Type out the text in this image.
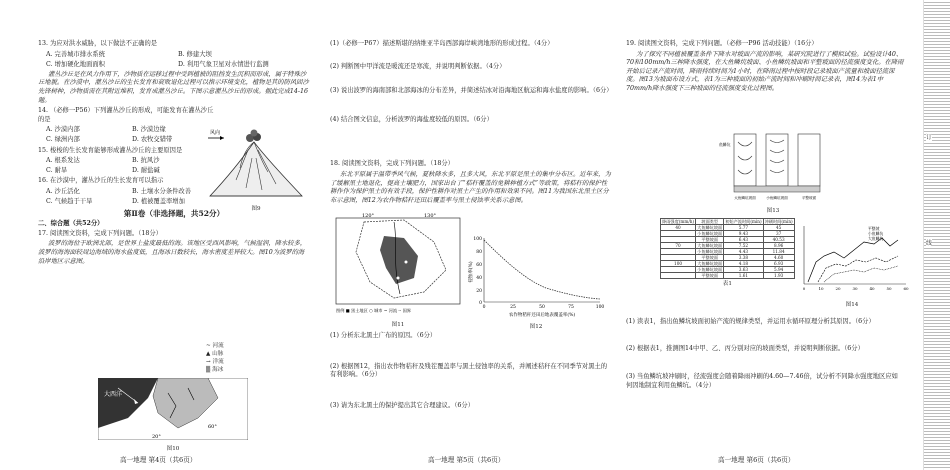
13. 为应对洪水威胁，以下做法不正确的是
A. 完善城市排水系统	B. 修建大坝
C. 增加硬化地面面积	D. 利用气象卫星对水情进行监测
灌丛沙丘是在风力作用下，沙物质在运移过程中受到植被的阻挡发生沉积而形成，属于特殊沙丘地貌。在沙漠中，灌丛沙丘的生长发育和衰败退化过程可以指示环境变化，植物是其的防风固沙先锋树种，沙物质需在其附近堆积，发育成灌丛沙丘。下图示意灌丛沙丘的形成。据此完成14-16题。
14. （必修一P56）下列灌丛沙丘的形成，可能发育在灌丛沙丘的是
A. 沙漠内部	B. 沙漠边缘
C. 绿洲内部	D. 农牧交错带
15. 梭梭的生长发育能够形成灌丛沙丘的主要原因是
A. 根系发达	B. 抗风沙
C. 耐旱	D. 耐盐碱
16. 在沙漠中，灌丛沙丘的生长发育可以指示
A. 沙丘活化	B. 土壤水分条件改善
C. 气候趋于干旱	D. 植被覆盖率增加
第Ⅱ卷（非选择题，共52分）
二、综合题（共52分）
17. 阅读图文资料，完成下列问题。（18分）
波罗的海位于欧洲北部，是世界上盐度最低的海。该地区受西风影响，气候湿润，降水较多，波罗的海海面较周边海域的海水盐度低，且海冰日数较长，海水密度差异较大。图10为波罗的海沿岸地区示意图。
风向
图9
大西洋
60°
20°
图10
~ 河流
▲ 山脉
→ 洋流
▒ 海冰
高一地理 第4页（共6页）
(1)（必修一P67）描述斯堪的纳维亚半岛西部海岸峡湾地形的形成过程。（4分）
(2) 判断图中甲洋流是暖流还是寒流，并说明判断依据。（4分）
(3) 说出波罗的海南部和北部海冰的分布差异，并简述结冰对沿海地区航运和海水盐度的影响。（6分）
(4) 结合图文信息，分析波罗的海盐度较低的原因。（6分）
18. 阅读图文资料，完成下列问题。（18分）
东北平原属于温带季风气候，夏秋降水多，且多大风，东北平原是黑土的集中分布区。近年来，为了缓解黑土地退化，提高土壤肥力，国家出台了“秸秆覆盖的免耕种植方式”等政策，将秸秆的保护性耕作作为保护黑土的有效手段，保护性耕作对黑土产生的作用和效果不同。图11为我国东北黑土区分布示意图，图12为农作物秸秆还田后覆盖率与黑土侵蚀率关系示意图。
120°	130°
图例 ■ 黑土地区 ○ 城市 ~ 河流 -- 国界
图11
100
80
60
40
20
0
0	25	50	75	100
侵蚀率(%)
农作物秸秆还田后地表覆盖率(%)
图12
(1) 分析东北黑土广布的原因。（6分）
(2) 根据图12，指出农作物秸秆及残茬覆盖率与黑土侵蚀率的关系，并阐述秸秆在不同季节对黑土的有利影响。（6分）
(3) 请为东北黑土的保护提出其它合理建议。（6分）
高一地理 第5页（共6页）
19. 阅读图文资料，完成下列问题。（必修一P96 活动技能）（16分）
为了探究不同植被覆盖条件下降水对坡面产流的影响，某研究院进行了模拟试验。试验设计40、70和100mm/h三种降水强度，在大鱼鳞坑坡面、小鱼鳞坑坡面和平整坡面的径流强度变化。在降雨开始后记录产流时间，降雨持续时间为1小时，在降雨过程中按时段记录坡面产流量和坡面径流深度。图13为坡面布设方式，表1为三种坡面的初始产流时间和冲刷时间记录表，图14为表1中70mm/h降水强度下三种坡面的径流强度变化过程图。
鱼鳞坑
大鱼鳞坑坡面	小鱼鳞坑坡面	平整坡面
图13
降雨强度(mm/h)	坡面类型	初始产流时间(min)	冲刷时间(min)
40	大鱼鳞坑坡面	5.77	45
	小鱼鳞坑坡面	9.43	37
	平整坡面	6.43	40.53
70	大鱼鳞坑坡面	7.52	8.96
	小鱼鳞坑坡面	4.43	11.84
	平整坡面	3.38	4.60
100	大鱼鳞坑坡面	4.18	6.93
	小鱼鳞坑坡面	3.63	5.94
	平整坡面	1.61	1.93
表1
平整坡
小鱼鳞坑
大鱼鳞坑
0	10	20	30	40	50	60
图14
(1) 读表1，指出鱼鳞坑坡面初始产流的规律类型，并运用水循环原理分析其原因。（6分）
(2) 根据表1，推测图14中甲、乙、丙分别对应的坡面类型，并说明判断依据。（6分）
(3) 当鱼鳞坑坡冲刷时，径流强度会随着降雨冲刷的4.60—7.46倍，试分析不同降水强度地区应如何因地制宜利用鱼鳞坑。（4分）
高一地理 第6页（共6页）
订
线
